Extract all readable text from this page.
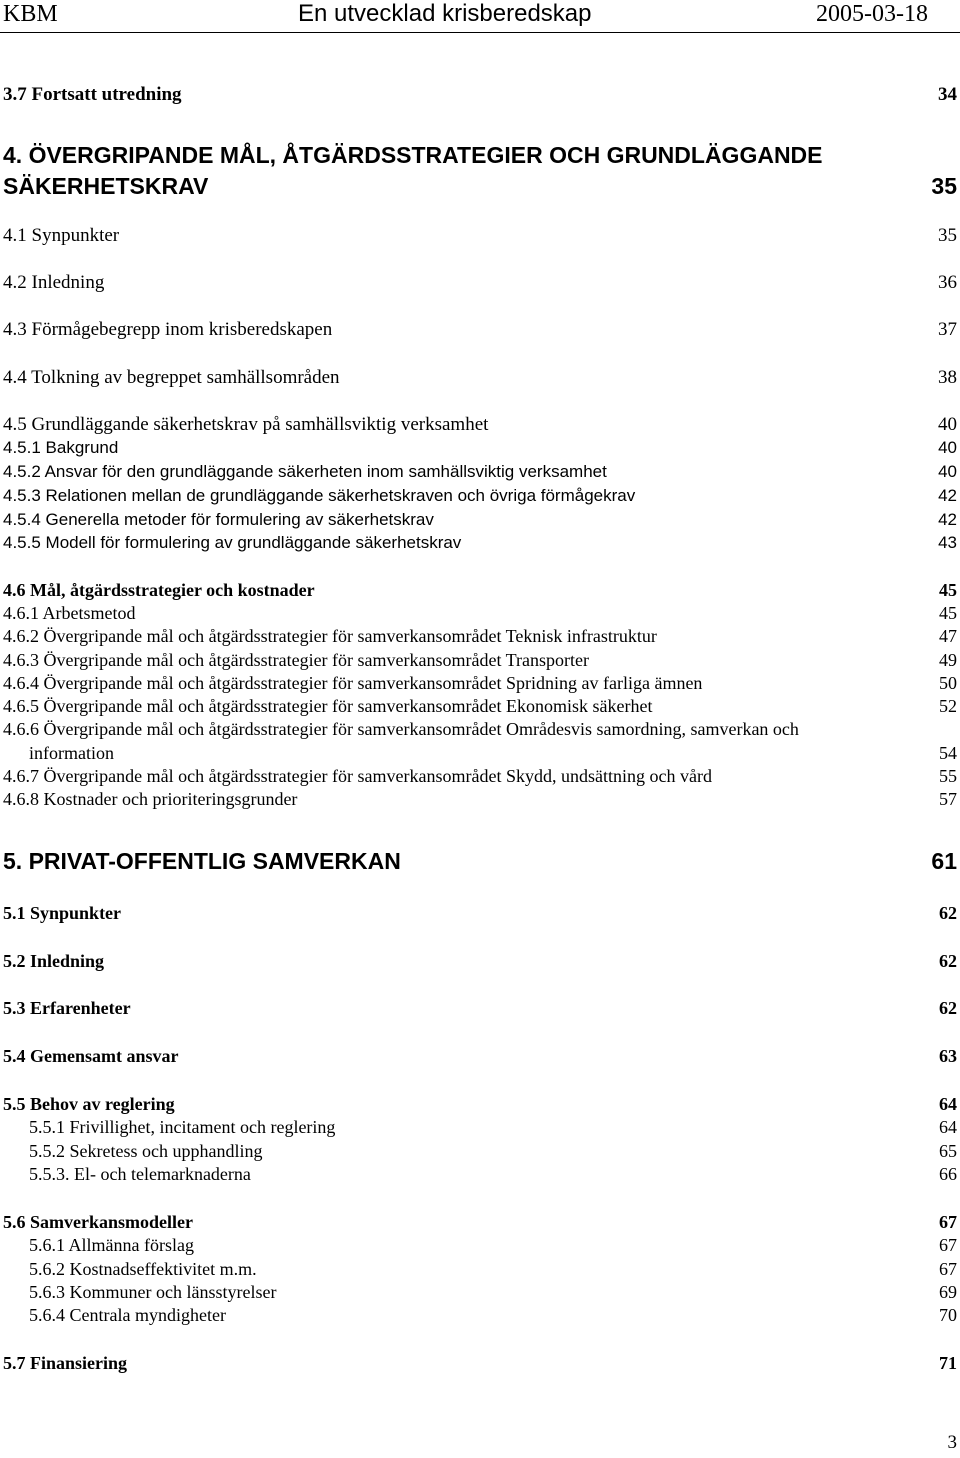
KBM	En utvecklad krisberedskap	2005-03-18
3.7 Fortsatt utredning	34
4. ÖVERGRIPANDE MÅL, ÅTGÄRDSSTRATEGIER OCH GRUNDLÄGGANDE
SÄKERHETSKRAV	35
4.1 Synpunkter	35
4.2 Inledning	36
4.3 Förmågebegrepp inom krisberedskapen	37
4.4 Tolkning av begreppet samhällsområden	38
4.5 Grundläggande säkerhetskrav på samhällsviktig verksamhet	40
4.5.1 Bakgrund	40
4.5.2 Ansvar för den grundläggande säkerheten inom samhällsviktig verksamhet	40
4.5.3 Relationen mellan de grundläggande säkerhetskraven och övriga förmågekrav	42
4.5.4 Generella metoder för formulering av säkerhetskrav	42
4.5.5 Modell för formulering av grundläggande säkerhetskrav	43
4.6 Mål, åtgärdsstrategier och kostnader	45
4.6.1 Arbetsmetod	45
4.6.2 Övergripande mål och åtgärdsstrategier för samverkansområdet Teknisk infrastruktur	47
4.6.3 Övergripande mål och åtgärdsstrategier för samverkansområdet Transporter	49
4.6.4 Övergripande mål och åtgärdsstrategier för samverkansområdet Spridning av farliga ämnen	50
4.6.5 Övergripande mål och åtgärdsstrategier för samverkansområdet Ekonomisk säkerhet	52
4.6.6 Övergripande mål och åtgärdsstrategier för samverkansområdet Områdesvis samordning, samverkan och
information	54
4.6.7 Övergripande mål och åtgärdsstrategier för samverkansområdet Skydd, undsättning och vård	55
4.6.8 Kostnader och prioriteringsgrunder	57
5. PRIVAT-OFFENTLIG SAMVERKAN	61
5.1 Synpunkter	62
5.2 Inledning	62
5.3 Erfarenheter	62
5.4 Gemensamt ansvar	63
5.5 Behov av reglering	64
5.5.1 Frivillighet, incitament och reglering	64
5.5.2 Sekretess och upphandling	65
5.5.3. El- och telemarknaderna	66
5.6 Samverkansmodeller	67
5.6.1 Allmänna förslag	67
5.6.2 Kostnadseffektivitet m.m.	67
5.6.3 Kommuner och länsstyrelser	69
5.6.4 Centrala myndigheter	70
5.7 Finansiering	71
3
